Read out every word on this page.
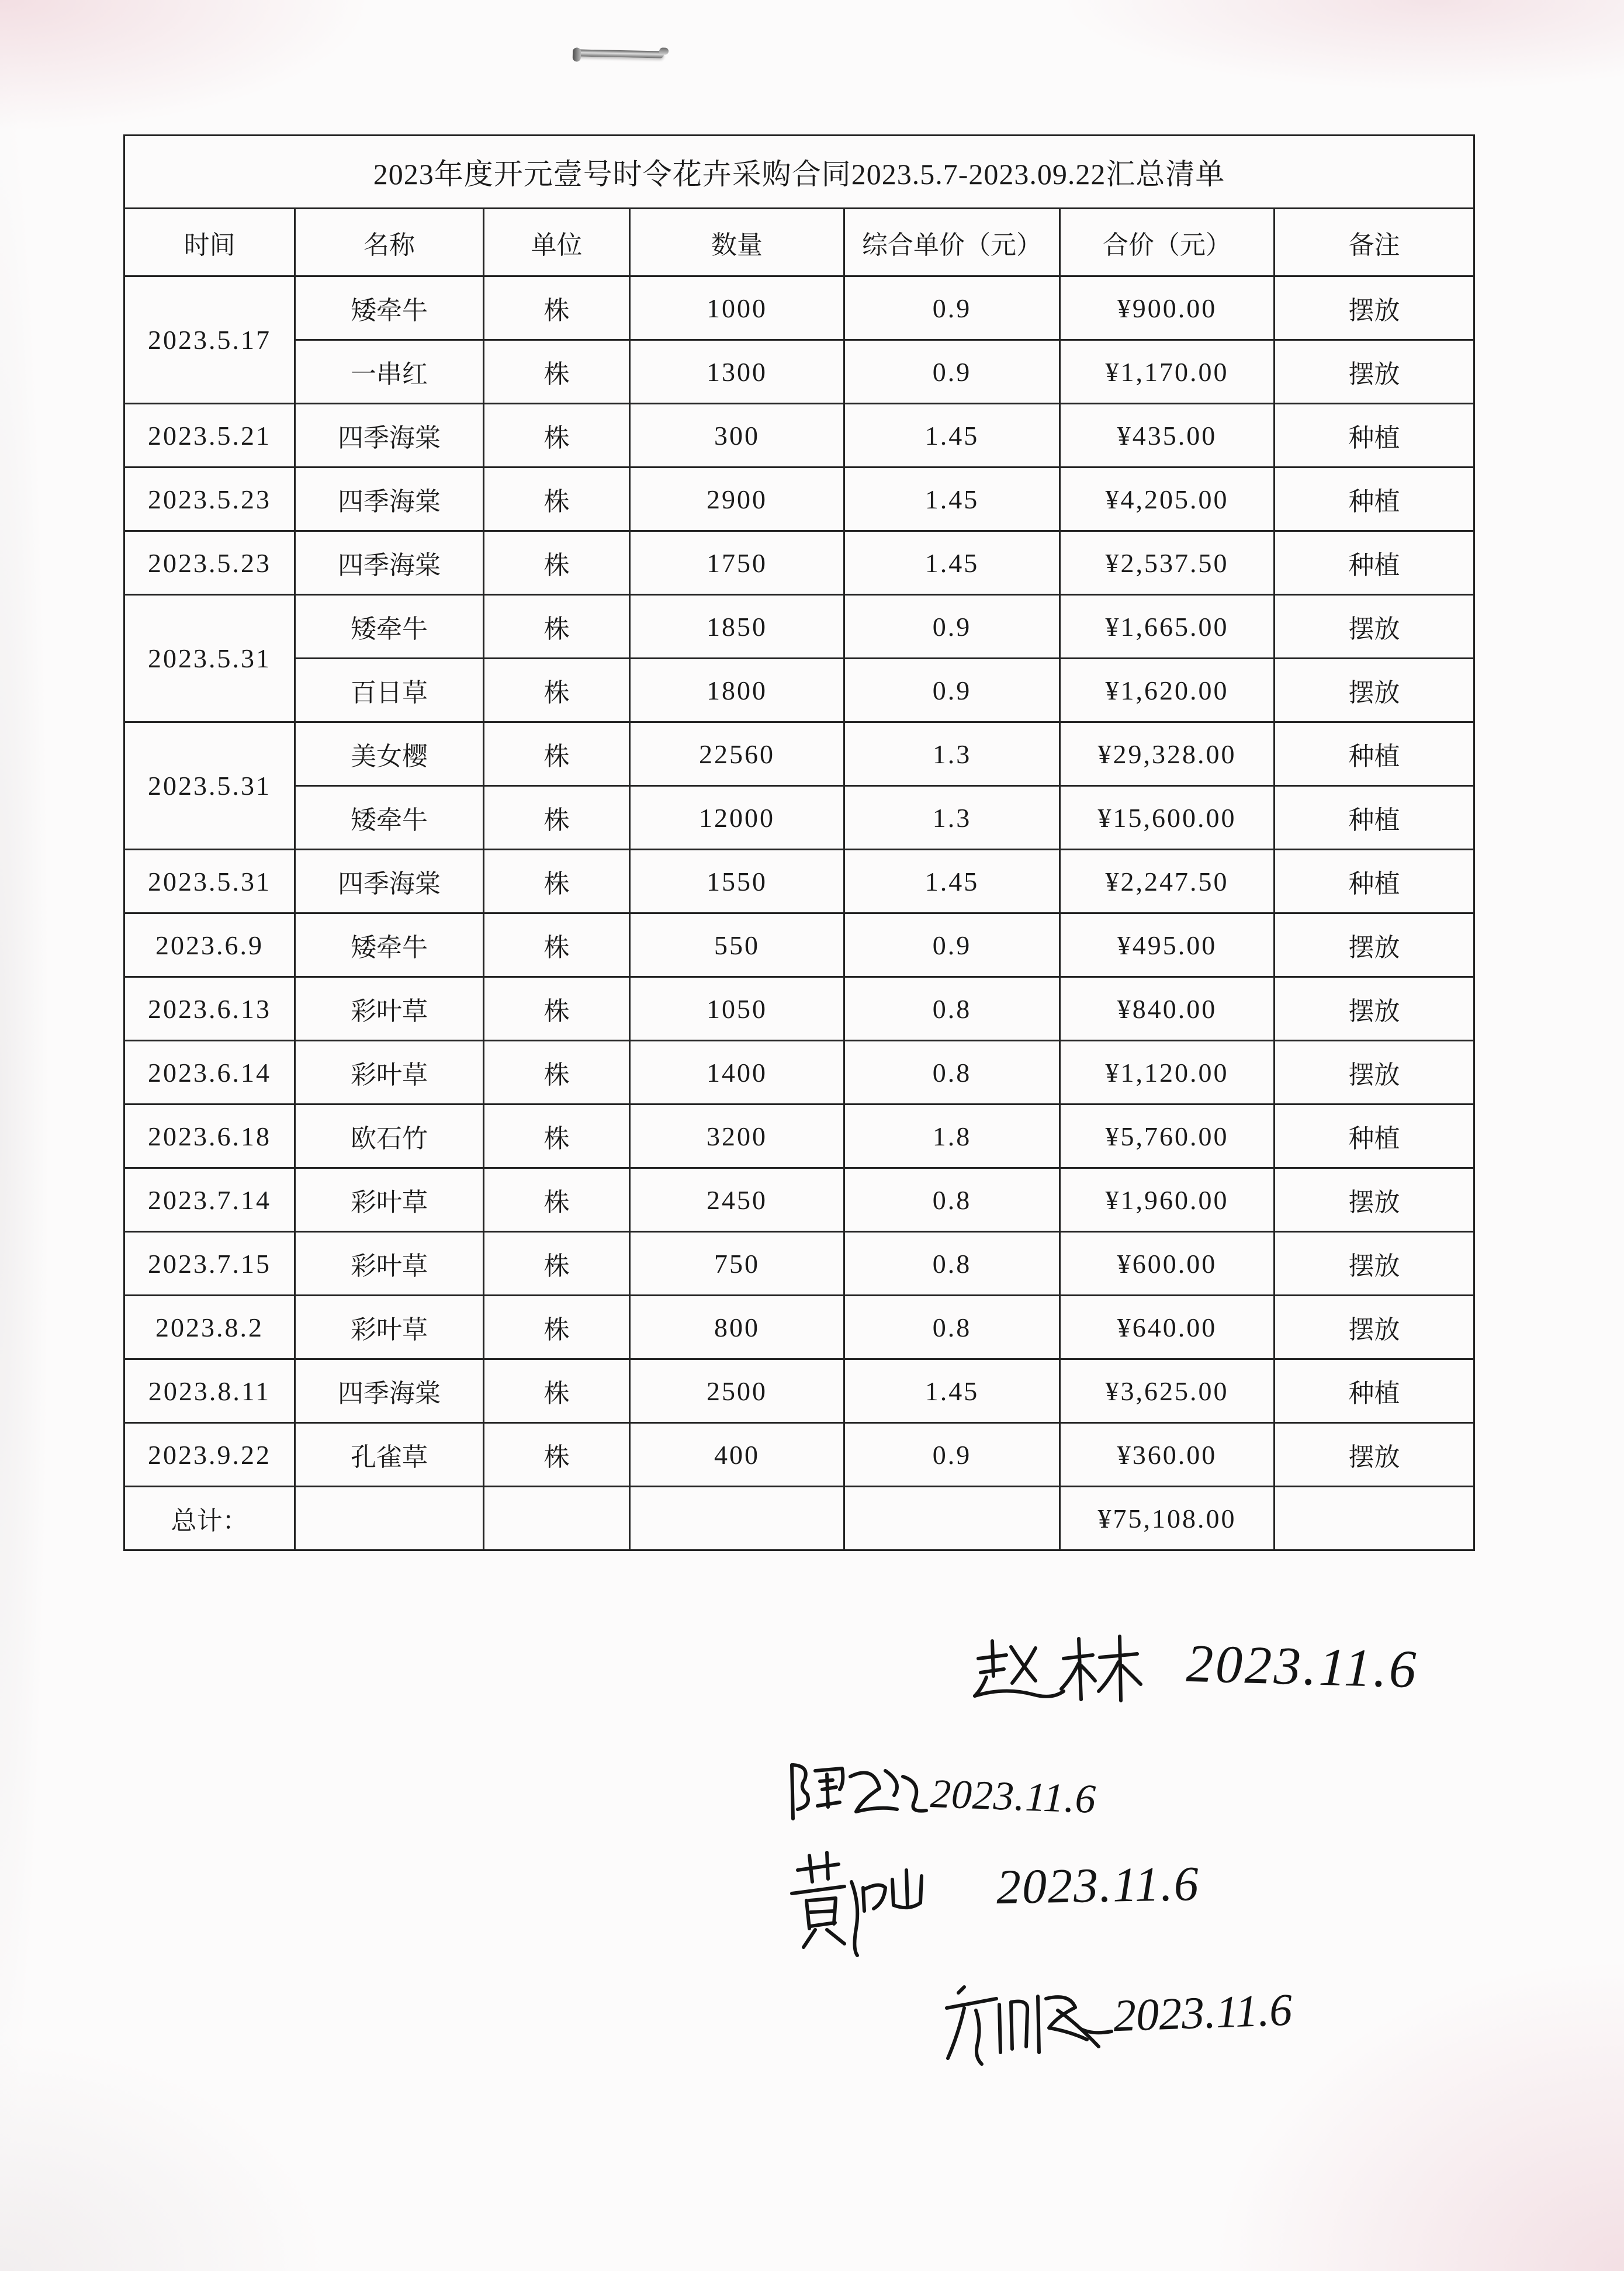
2023年度开元壹号时令花卉采购合同2023.5.7-2023.09.22汇总清单						
时间	名称	单位	数量	综合单价（元）	合价（元）	备注
2023.5.17	矮牵牛	株	1000	0.9	¥900.00	摆放
	一串红	株	1300	0.9	¥1,170.00	摆放
2023.5.21	四季海棠	株	300	1.45	¥435.00	种植
2023.5.23	四季海棠	株	2900	1.45	¥4,205.00	种植
2023.5.23	四季海棠	株	1750	1.45	¥2,537.50	种植
2023.5.31	矮牵牛	株	1850	0.9	¥1,665.00	摆放
	百日草	株	1800	0.9	¥1,620.00	摆放
2023.5.31	美女樱	株	22560	1.3	¥29,328.00	种植
	矮牵牛	株	12000	1.3	¥15,600.00	种植
2023.5.31	四季海棠	株	1550	1.45	¥2,247.50	种植
2023.6.9	矮牵牛	株	550	0.9	¥495.00	摆放
2023.6.13	彩叶草	株	1050	0.8	¥840.00	摆放
2023.6.14	彩叶草	株	1400	0.8	¥1,120.00	摆放
2023.6.18	欧石竹	株	3200	1.8	¥5,760.00	种植
2023.7.14	彩叶草	株	2450	0.8	¥1,960.00	摆放
2023.7.15	彩叶草	株	750	0.8	¥600.00	摆放
2023.8.2	彩叶草	株	800	0.8	¥640.00	摆放
2023.8.11	四季海棠	株	2500	1.45	¥3,625.00	种植
2023.9.22	孔雀草	株	400	0.9	¥360.00	摆放
总计：					¥75,108.00	
2023.11.6
2023.11.6
2023.11.6
2023.11.6
